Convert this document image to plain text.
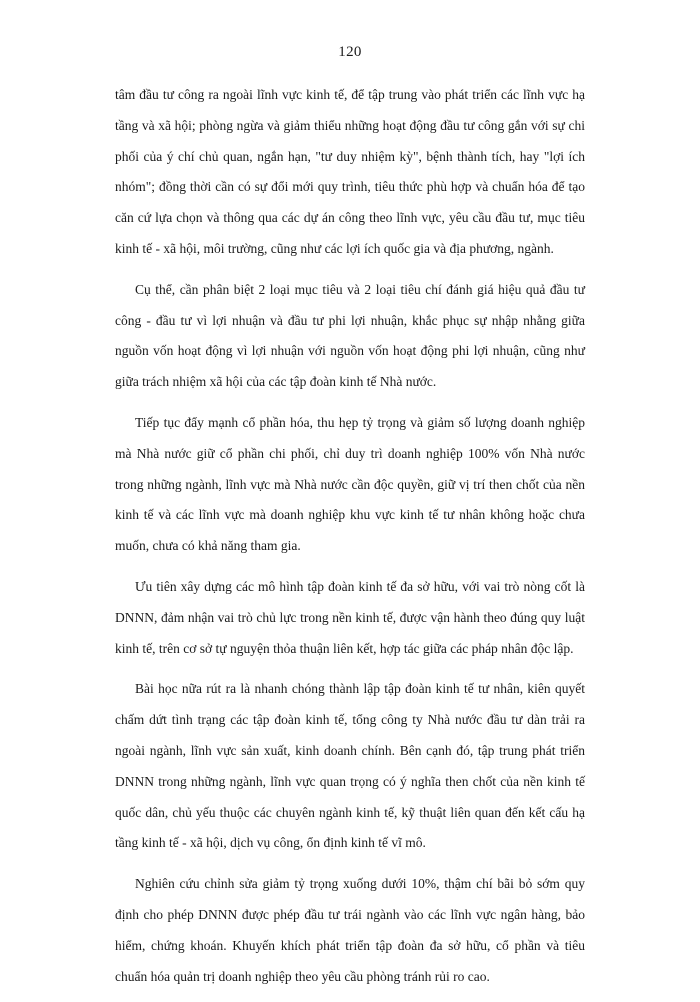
120

tâm đầu tư công ra ngoài lĩnh vực kinh tế, để tập trung vào phát triển các lĩnh vực hạ tầng và xã hội; phòng ngừa và giảm thiểu những hoạt động đầu tư công gắn với sự chi phối của ý chí chủ quan, ngắn hạn, "tư duy nhiệm kỳ", bệnh thành tích, hay "lợi ích nhóm"; đồng thời cần có sự đổi mới quy trình, tiêu thức phù hợp và chuẩn hóa để tạo căn cứ lựa chọn và thông qua các dự án công theo lĩnh vực, yêu cầu đầu tư, mục tiêu kinh tế - xã hội, môi trường, cũng như các lợi ích quốc gia và địa phương, ngành.

Cụ thể, cần phân biệt 2 loại mục tiêu và 2 loại tiêu chí đánh giá hiệu quả đầu tư công - đầu tư vì lợi nhuận và đầu tư phi lợi nhuận, khắc phục sự nhập nhằng giữa nguồn vốn hoạt động vì lợi nhuận với nguồn vốn hoạt động phi lợi nhuận, cũng như giữa trách nhiệm xã hội của các tập đoàn kinh tế Nhà nước.

Tiếp tục đẩy mạnh cổ phần hóa, thu hẹp tỷ trọng và giảm số lượng doanh nghiệp mà Nhà nước giữ cổ phần chi phối, chỉ duy trì doanh nghiệp 100% vốn Nhà nước trong những ngành, lĩnh vực mà Nhà nước cần độc quyền, giữ vị trí then chốt của nền kinh tế và các lĩnh vực mà doanh nghiệp khu vực kinh tế tư nhân không hoặc chưa muốn, chưa có khả năng tham gia.

Ưu tiên xây dựng các mô hình tập đoàn kinh tế đa sở hữu, với vai trò nòng cốt là DNNN, đảm nhận vai trò chủ lực trong nền kinh tế, được vận hành theo đúng quy luật kinh tế, trên cơ sở tự nguyện thỏa thuận liên kết, hợp tác giữa các pháp nhân độc lập.

Bài học nữa rút ra là nhanh chóng thành lập tập đoàn kinh tế tư nhân, kiên quyết chấm dứt tình trạng các tập đoàn kinh tế, tổng công ty Nhà nước đầu tư dàn trải ra ngoài ngành, lĩnh vực sản xuất, kinh doanh chính. Bên cạnh đó, tập trung phát triển DNNN trong những ngành, lĩnh vực quan trọng có ý nghĩa then chốt của nền kinh tế quốc dân, chủ yếu thuộc các chuyên ngành kinh tế, kỹ thuật liên quan đến kết cấu hạ tầng kinh tế - xã hội, dịch vụ công, ổn định kinh tế vĩ mô.

Nghiên cứu chỉnh sửa giảm tỷ trọng xuống dưới 10%, thậm chí bãi bỏ sớm quy định cho phép DNNN được phép đầu tư trái ngành vào các lĩnh vực ngân hàng, bảo hiểm, chứng khoán. Khuyến khích phát triển tập đoàn đa sở hữu, cổ phần và tiêu chuẩn hóa quản trị doanh nghiệp theo yêu cầu phòng tránh rủi ro cao.
